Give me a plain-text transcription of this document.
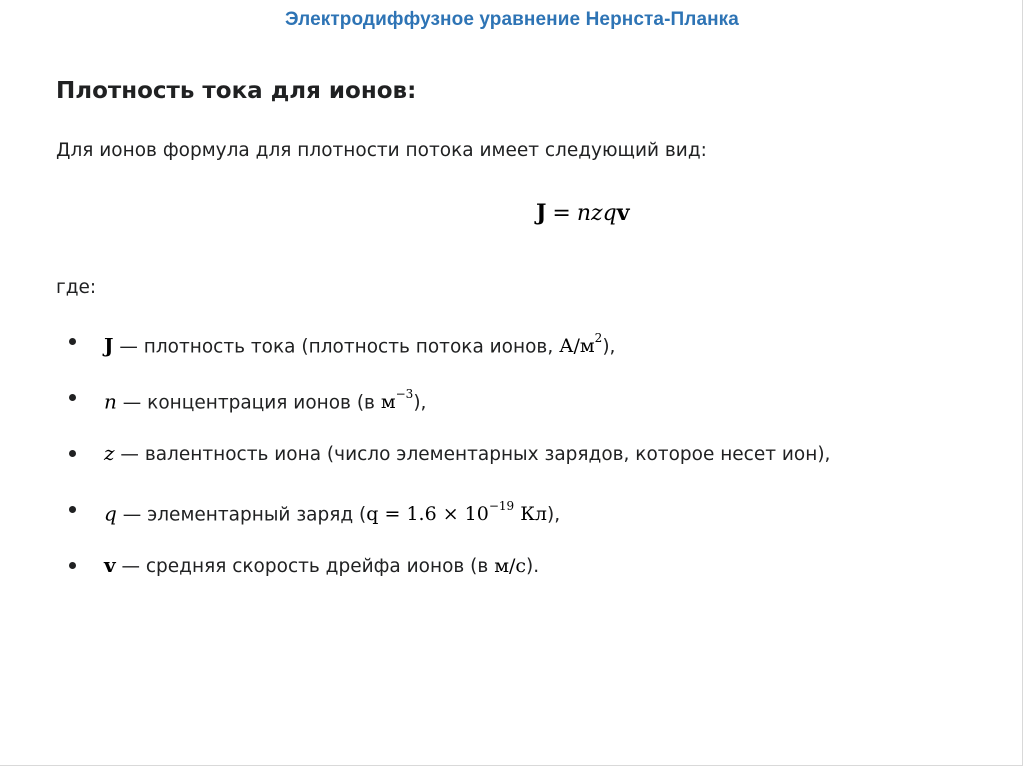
Электродиффузное уравнение Нернста-Планка
Плотность тока для ионов:
Для ионов формула для плотности потока имеет следующий вид:
J = nzqv
где:
J — плотность тока (плотность потока ионов, $А/м^2$),
n — концентрация ионов (в $м^{-3}$),
z — валентность иона (число элементарных зарядов, которое несет ион),
q — элементарный заряд ($q = 1.6 \times 10^{-19}$ Кл),
v — средняя скорость дрейфа ионов (в м/с).
